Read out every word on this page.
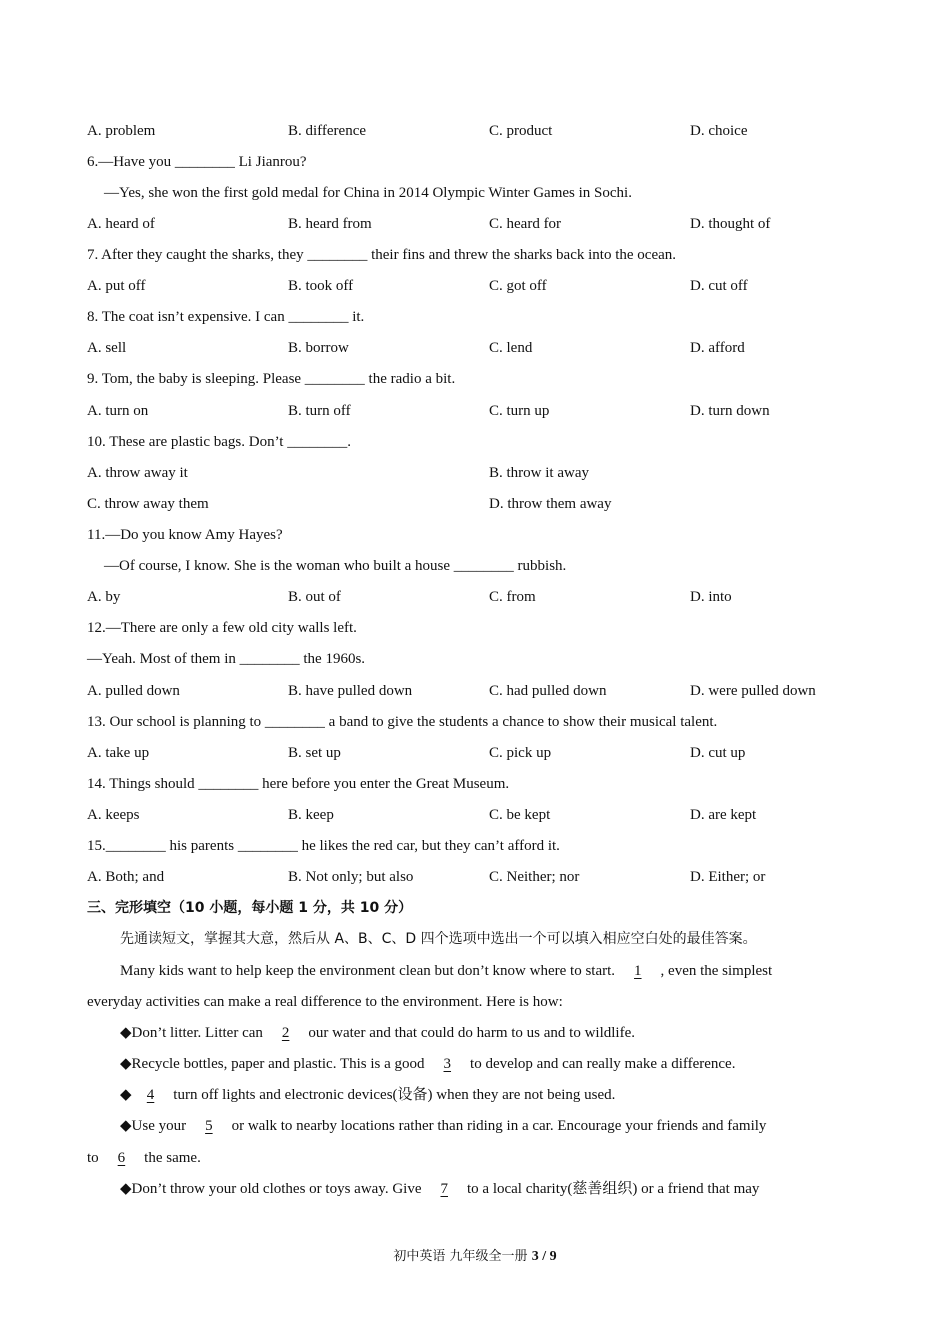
A. problem	B. difference	C. product	D. choice
6.—Have you ________ Li Jianrou?
—Yes, she won the first gold medal for China in 2014 Olympic Winter Games in Sochi.
A. heard of	B. heard from	C. heard for	D. thought of
7. After they caught the sharks, they ________ their fins and threw the sharks back into the ocean.
A. put off	B. took off	C. got off	D. cut off
8. The coat isn’t expensive. I can ________ it.
A. sell	B. borrow	C. lend	D. afford
9. Tom, the baby is sleeping. Please ________ the radio a bit.
A. turn on	B. turn off	C. turn up	D. turn down
10. These are plastic bags. Don’t ________.
A. throw away it	B. throw it away
C. throw away them	D. throw them away
11.—Do you know Amy Hayes?
—Of course, I know. She is the woman who built a house ________ rubbish.
A. by	B. out of	C. from	D. into
12.—There are only a few old city walls left.
—Yeah. Most of them in ________ the 1960s.
A. pulled down	B. have pulled down	C. had pulled down	D. were pulled down
13. Our school is planning to ________ a band to give the students a chance to show their musical talent.
A. take up	B. set up	C. pick up	D. cut up
14. Things should ________ here before you enter the Great Museum.
A. keeps	B. keep	C. be kept	D. are kept
15.________ his parents ________ he likes the red car, but they can’t afford it.
A. Both; and	B. Not only; but also	C. Neither; nor	D. Either; or
三、完形填空（10 小题，每小题 1 分，共 10 分）
先通读短文，掌握其大意，然后从 A、B、C、D 四个选项中选出一个可以填入相应空白处的最佳答案。
Many kids want to help keep the environment clean but don’t know where to start. 1 , even the simplest
everyday activities can make a real difference to the environment. Here is how:
◆Don’t litter. Litter can 2 our water and that could do harm to us and to wildlife.
◆Recycle bottles, paper and plastic. This is a good 3 to develop and can really make a difference.
◆ 4 turn off lights and electronic devices(设备) when they are not being used.
◆Use your 5 or walk to nearby locations rather than riding in a car. Encourage your friends and family
to 6 the same.
◆Don’t throw your old clothes or toys away. Give 7 to a local charity(慈善组织) or a friend that may
初中英语 九年级全一册 3 / 9
